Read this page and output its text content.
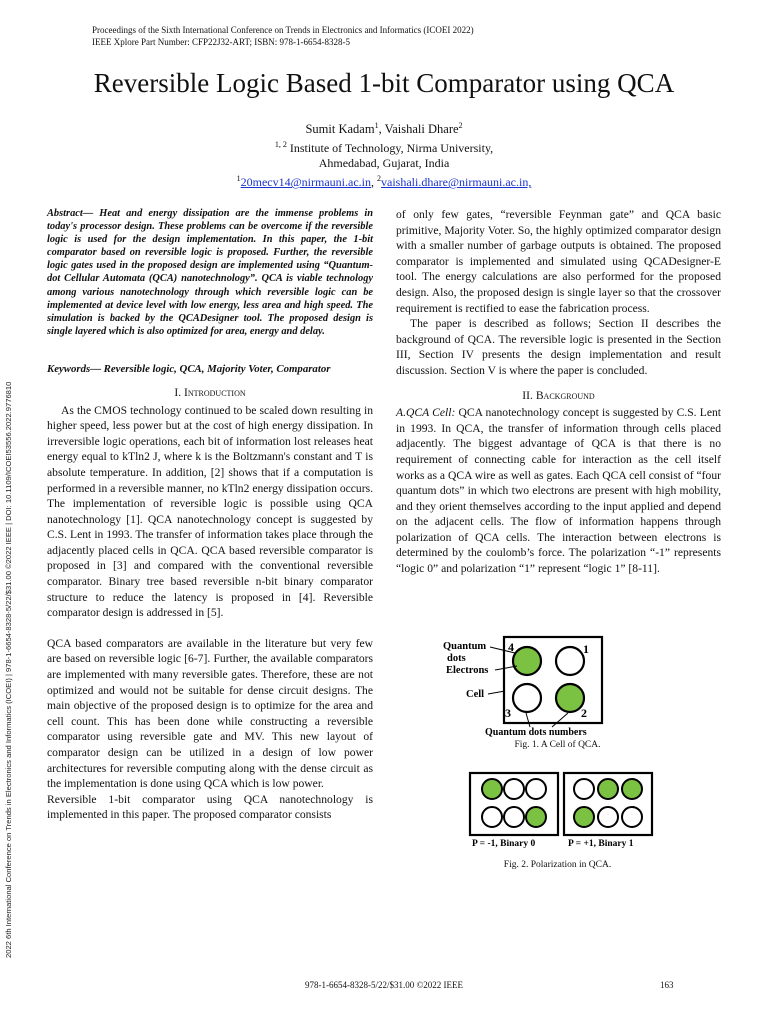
Proceedings of the Sixth International Conference on Trends in Electronics and Informatics (ICOEI 2022)
IEEE Xplore Part Number: CFP22J32-ART; ISBN: 978-1-6654-8328-5
Reversible Logic Based 1-bit Comparator using QCA
Sumit Kadam$^1$, Vaishali Dhare$^2$
$^{1, 2}$ Institute of Technology, Nirma University,
Ahmedabad, Gujarat, India
$^1$20mecv14@nirmauni.ac.in, $^2$vaishali.dhare@nirmauni.ac.in,
2022 6th International Conference on Trends in Electronics and Informatics (ICOEI) | 978-1-6654-8328-5/22/$31.00 ©2022 IEEE | DOI: 10.1109/ICOEI53556.2022.9776810

Abstract— Heat and energy dissipation are the immense problems in today's processor design. These problems can be overcome if the reversible logic is used for the design implementation. In this paper, the 1-bit comparator based on reversible logic is proposed. Further, the reversible logic gates used in the proposed design are implemented using “Quantum-dot Cellular Automata (QCA) nanotechnology”. QCA is viable technology among various nanotechnology through which reversible logic can be implemented at device level with low energy, less area and high speed. The simulation is backed by the QCADesigner tool. The proposed design is single layered which is also optimized for area, energy and delay.

Keywords— Reversible logic, QCA, Majority Voter, Comparator

I. Introduction

As the CMOS technology continued to be scaled down resulting in higher speed, less power but at the cost of high energy dissipation. In irreversible logic operations, each bit of information lost releases heat energy equal to kTln2 J, where k is the Boltzmann's constant and T is absolute temperature. In addition, [2] shows that if a computation is performed in a reversible manner, no kTln2 energy dissipation occurs. The implementation of reversible logic is possible using QCA nanotechnology [1]. QCA nanotechnology concept is suggested by C.S. Lent in 1993. The transfer of information takes place through the adjacently placed cells in QCA. QCA based reversible comparator is proposed in [3] and compared with the conventional reversible comparator. Binary tree based reversible n-bit binary comparator structure to reduce the latency is proposed in [4]. Reversible comparator design is addressed in [5].

QCA based comparators are available in the literature but very few are based on reversible logic [6-7]. Further, the available comparators are implemented with many reversible gates. Therefore, these are not optimized and would not be suitable for dense circuit designs. The main objective of the proposed design is to optimize for the area and cell count. This has been done while constructing a reversible comparator using reversible gate and MV. This new layout of comparator design can be utilized in a design of low power architectures for reversible computing along with the dense circuit as the implementation is done using QCA which is low power.

Reversible 1-bit comparator using QCA nanotechnology is implemented in this paper. The proposed comparator consists

of only few gates, “reversible Feynman gate” and QCA basic primitive, Majority Voter. So, the highly optimized comparator design with a smaller number of garbage outputs is obtained. The proposed comparator is implemented and simulated using QCADesigner-E tool. The energy calculations are also performed for the proposed design. Also, the proposed design is single layer so that the crossover requirement is rectified to ease the fabrication process.

The paper is described as follows; Section II describes the background of QCA. The reversible logic is presented in the Section III, Section IV presents the design implementation and result discussion. Section V is where the paper is concluded.

II. Background

A.QCA Cell: QCA nanotechnology concept is suggested by C.S. Lent in 1993. In QCA, the transfer of information through cells placed adjacently. The biggest advantage of QCA is that there is no requirement of connecting cable for interaction as the cell itself works as a QCA wire as well as gates. Each QCA cell consist of “four quantum dots” in which two electrons are present with high mobility, and they orient themselves according to the input applied and depend on the adjacent cells. The flow of information happens through polarization of QCA cells. The interaction between electrons is determined by the coulomb’s force. The polarization “-1” represents “logic 0” and polarization “1” represent “logic 1” [8-11].

4	1
3	2
Quantum
dots
Electrons
Cell
Quantum dots numbers
Fig. 1. A Cell of QCA.
P = -1, Binary 0	P = +1, Binary 1
Fig. 2. Polarization in QCA.
978-1-6654-8328-5/22/$31.00 ©2022 IEEE	163
